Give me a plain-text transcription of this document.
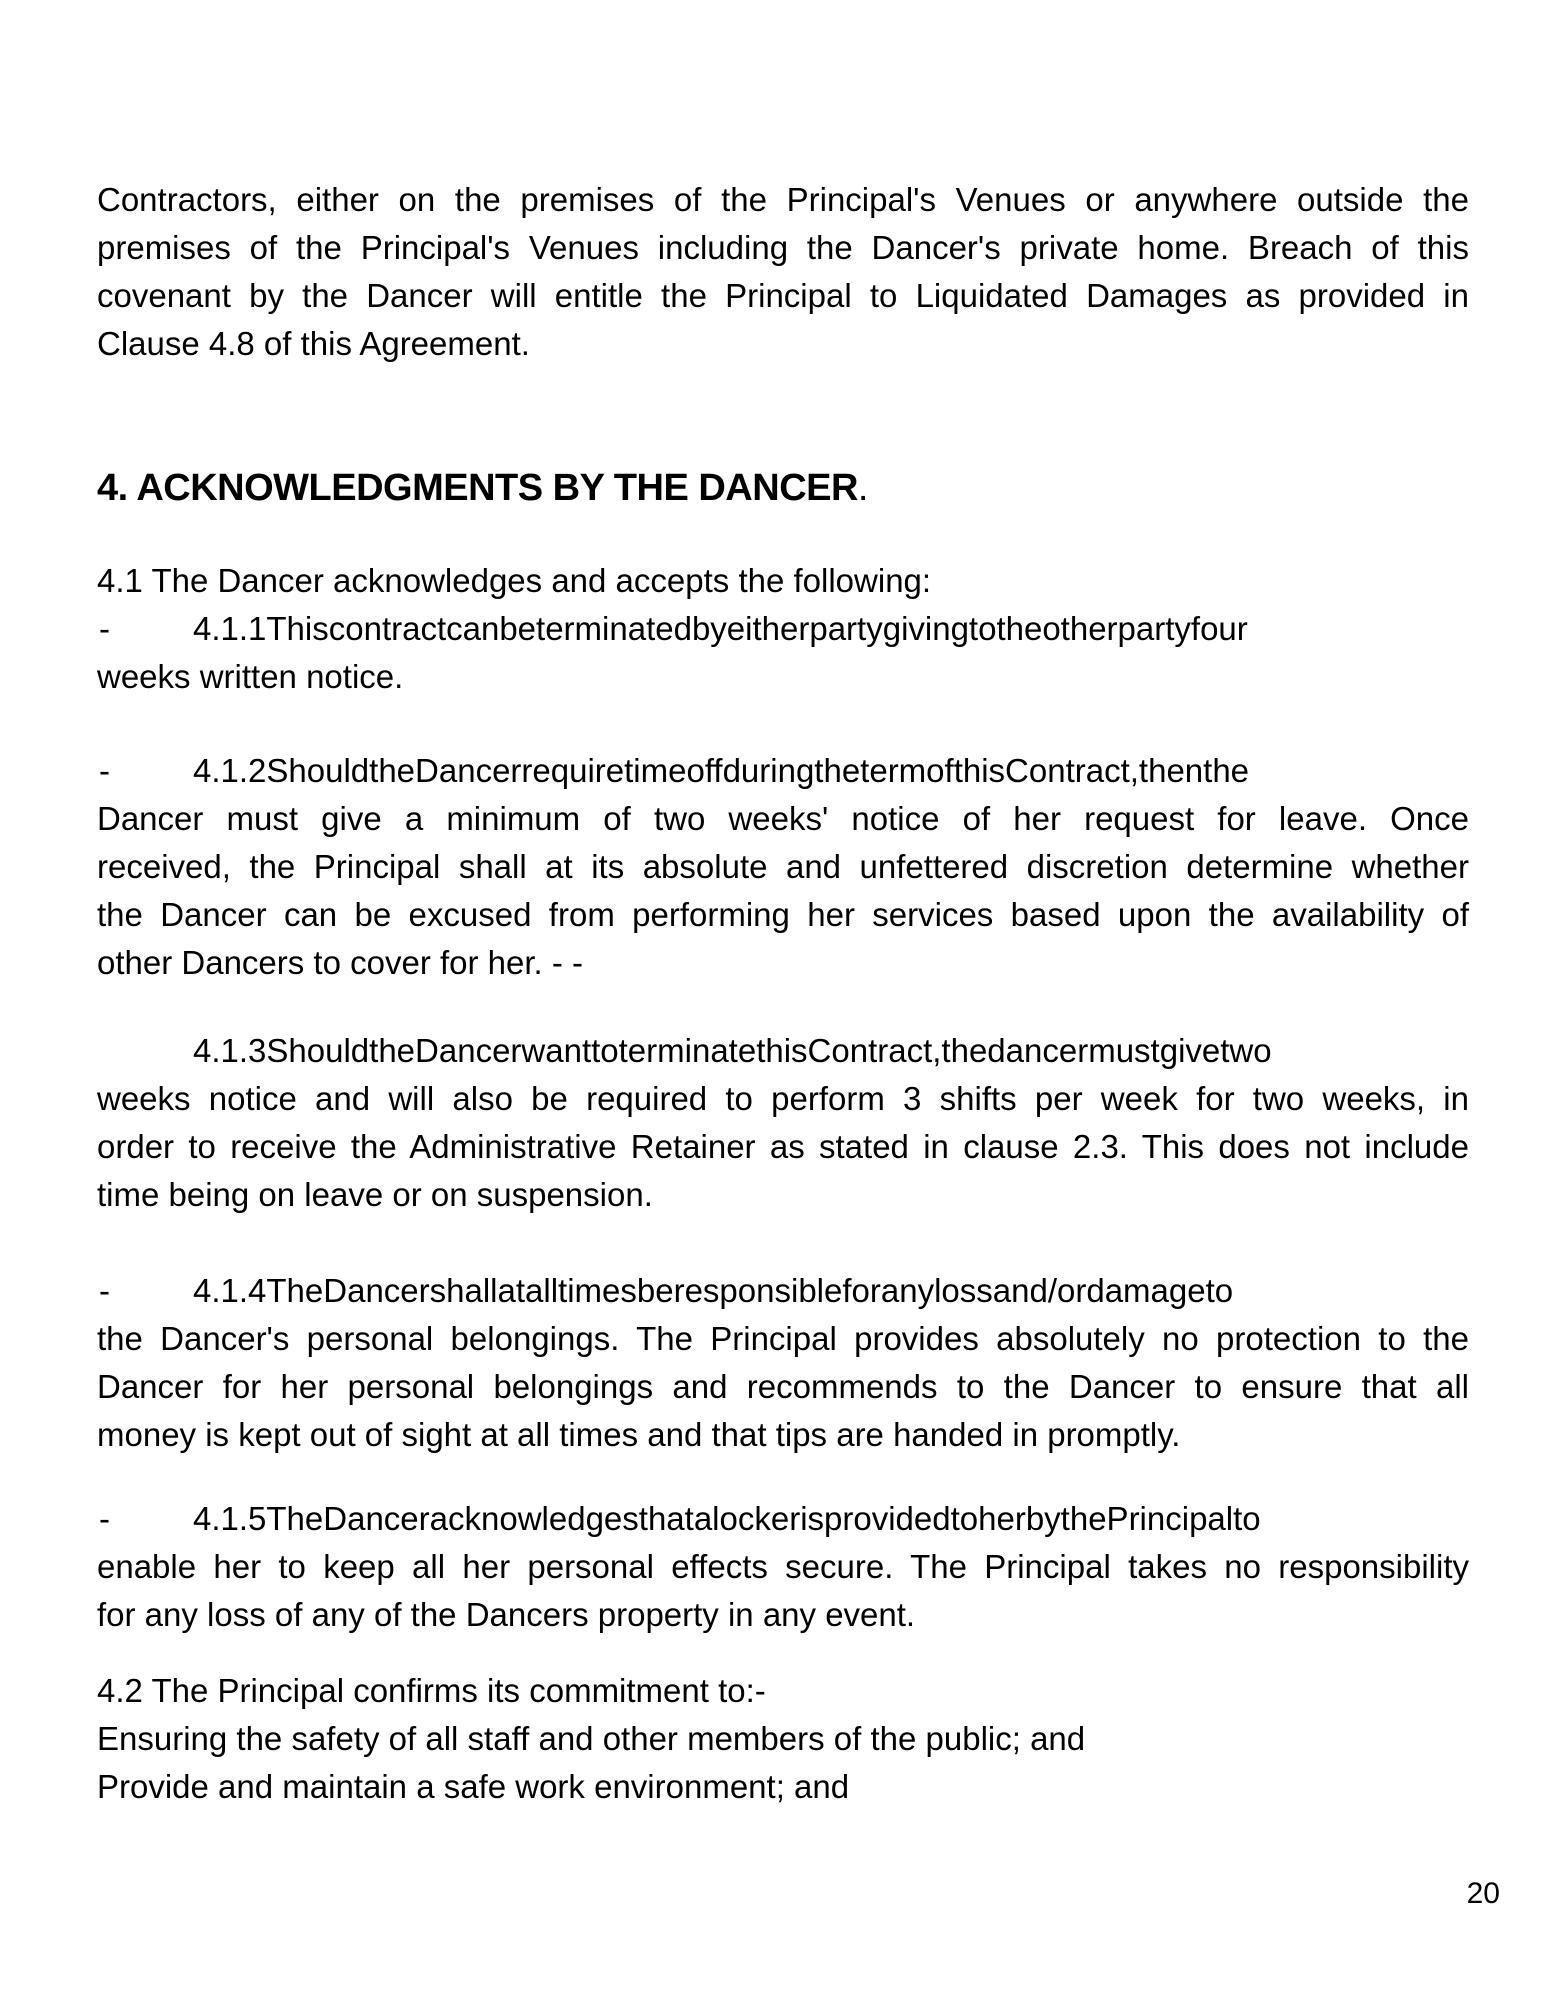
Contractors, either on the premises of the Principal's Venues or anywhere outside the
premises of the Principal's Venues including the Dancer's private home. Breach of this
covenant by the Dancer will entitle the Principal to Liquidated Damages as provided in
Clause 4.8 of this Agreement.
4. ACKNOWLEDGMENTS BY THE DANCER.
4.1 The Dancer acknowledges and accepts the following:
-	4.1.1Thiscontractcanbeterminatedbyeitherpartygivingtotheotherpartyfour
weeks written notice.
-	4.1.2ShouldtheDancerrequiretimeoffduringthetermofthisContract,thenthe
Dancer must give a minimum of two weeks' notice of her request for leave. Once
received, the Principal shall at its absolute and unfettered discretion determine whether
the Dancer can be excused from performing her services based upon the availability of
other Dancers to cover for her. - -
4.1.3ShouldtheDancerwanttoterminatethisContract,thedancermustgivetwo
weeks notice and will also be required to perform 3 shifts per week for two weeks, in
order to receive the Administrative Retainer as stated in clause 2.3. This does not include
time being on leave or on suspension.
-	4.1.4TheDancershallatalltimesberesponsibleforanylossand/ordamageto
the Dancer's personal belongings. The Principal provides absolutely no protection to the
Dancer for her personal belongings and recommends to the Dancer to ensure that all
money is kept out of sight at all times and that tips are handed in promptly.
-	4.1.5TheDanceracknowledgesthatalockerisprovidedtoherbythePrincipalto
enable her to keep all her personal effects secure. The Principal takes no responsibility
for any loss of any of the Dancers property in any event.
4.2 The Principal confirms its commitment to:-
Ensuring the safety of all staff and other members of the public; and
Provide and maintain a safe work environment; and
20
